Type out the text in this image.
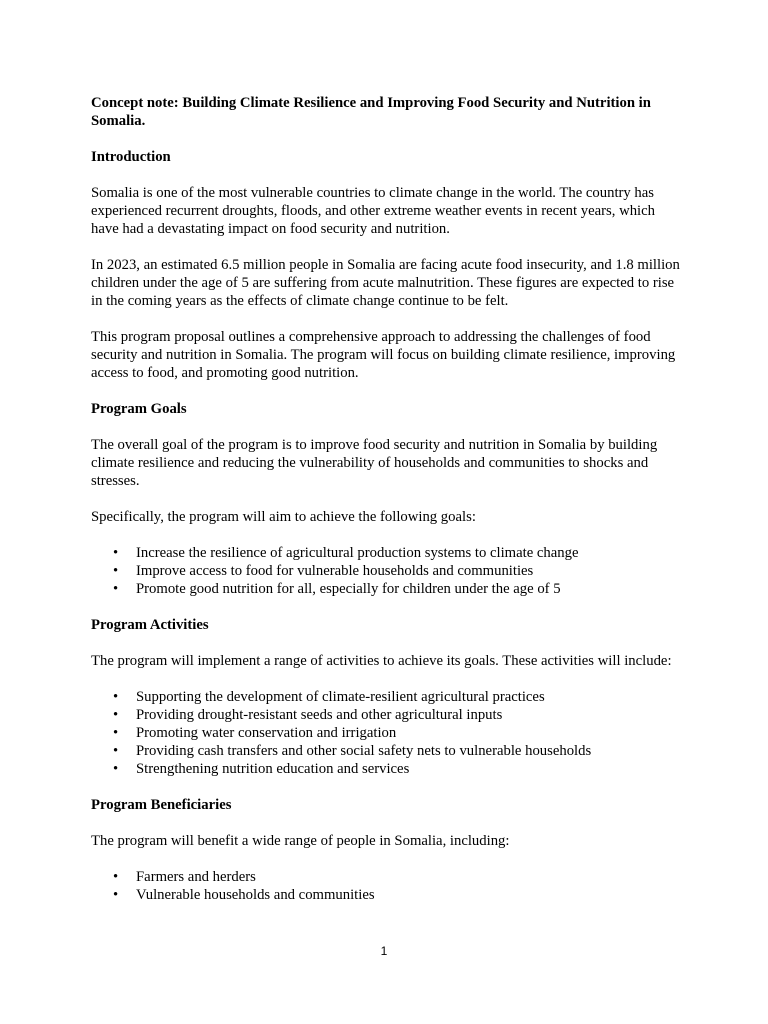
Concept note: Building Climate Resilience and Improving Food Security and Nutrition in Somalia.

Introduction

Somalia is one of the most vulnerable countries to climate change in the world. The country has experienced recurrent droughts, floods, and other extreme weather events in recent years, which have had a devastating impact on food security and nutrition.

In 2023, an estimated 6.5 million people in Somalia are facing acute food insecurity, and 1.8 million children under the age of 5 are suffering from acute malnutrition. These figures are expected to rise in the coming years as the effects of climate change continue to be felt.

This program proposal outlines a comprehensive approach to addressing the challenges of food security and nutrition in Somalia. The program will focus on building climate resilience, improving access to food, and promoting good nutrition.

Program Goals

The overall goal of the program is to improve food security and nutrition in Somalia by building climate resilience and reducing the vulnerability of households and communities to shocks and stresses.

Specifically, the program will aim to achieve the following goals:

• Increase the resilience of agricultural production systems to climate change
• Improve access to food for vulnerable households and communities
• Promote good nutrition for all, especially for children under the age of 5
Program Activities

The program will implement a range of activities to achieve its goals. These activities will include:

• Supporting the development of climate-resilient agricultural practices
• Providing drought-resistant seeds and other agricultural inputs
• Promoting water conservation and irrigation
• Providing cash transfers and other social safety nets to vulnerable households
• Strengthening nutrition education and services
Program Beneficiaries

The program will benefit a wide range of people in Somalia, including:

• Farmers and herders
• Vulnerable households and communities
1
